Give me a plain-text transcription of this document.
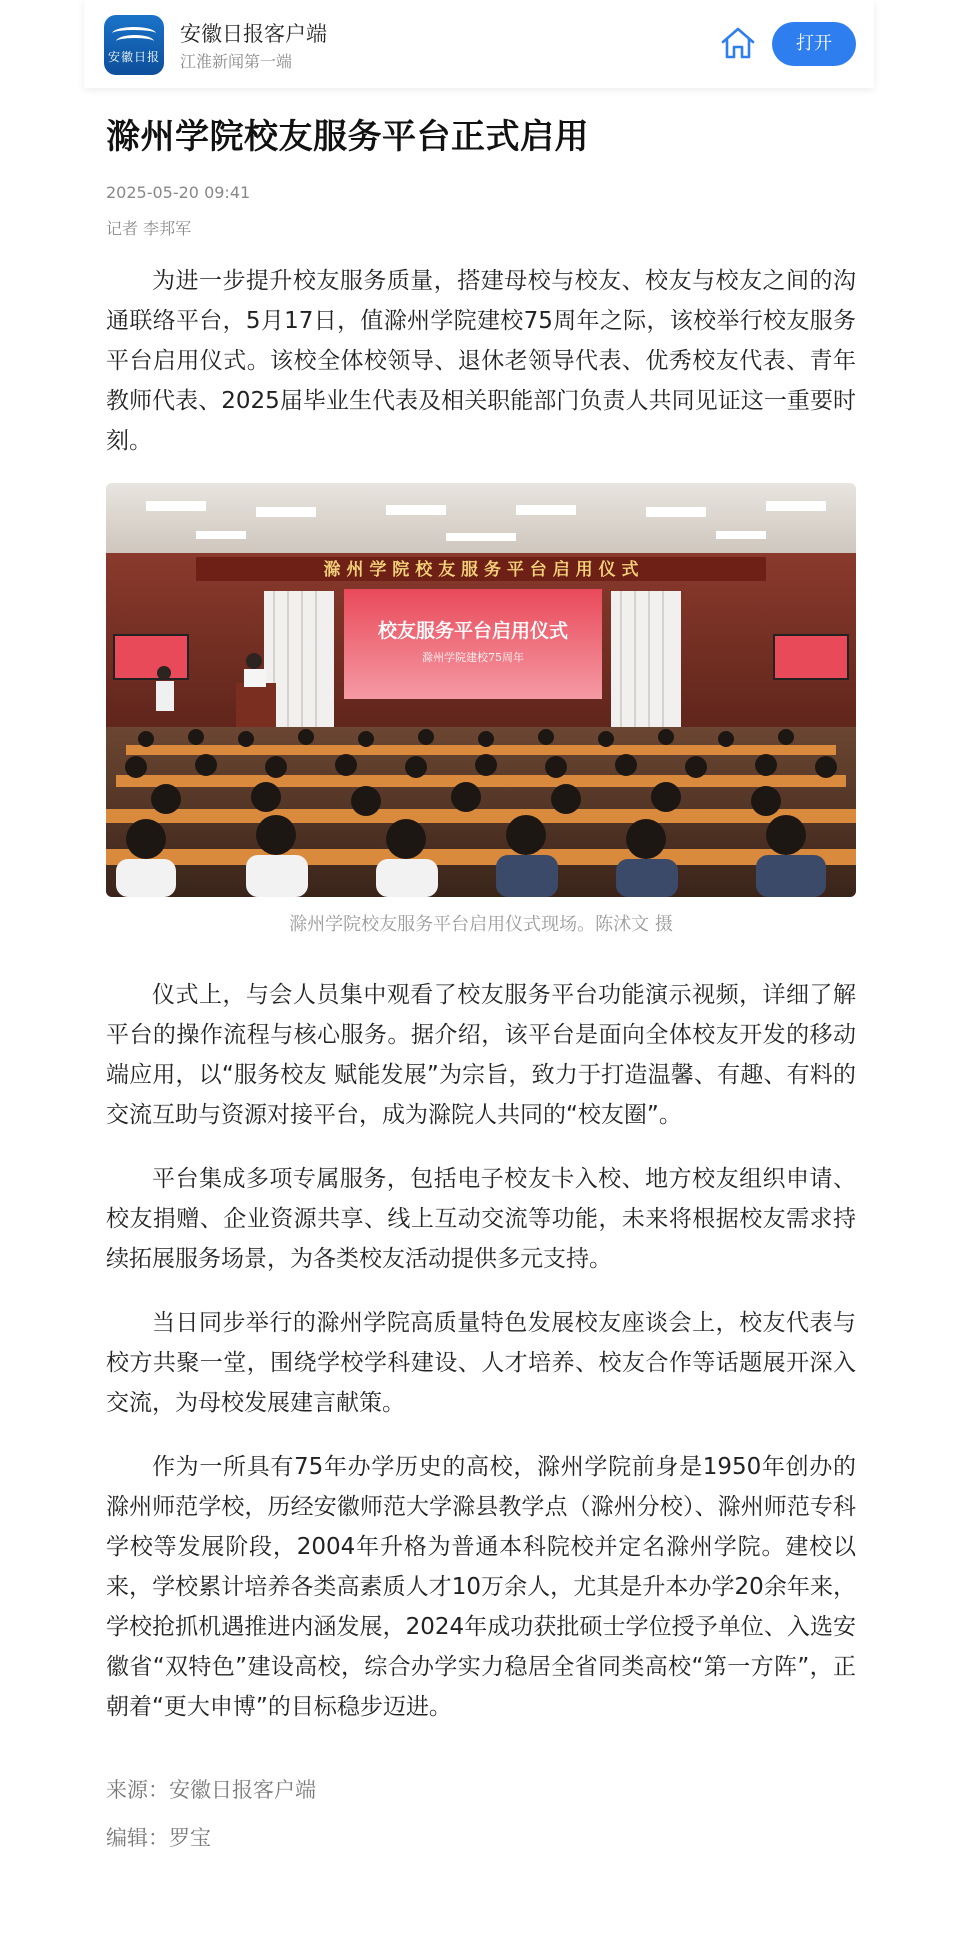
安徽日报
安徽日报客户端
江淮新闻第一端
打开
滁州学院校友服务平台正式启用
2025-05-20 09:41
记者 李邦军

为进一步提升校友服务质量，搭建母校与校友、校友与校友之间的沟通联络平台，5月17日，值滁州学院建校75周年之际，该校举行校友服务平台启用仪式。该校全体校领导、退休老领导代表、优秀校友代表、青年教师代表、2025届毕业生代表及相关职能部门负责人共同见证这一重要时刻。

滁 州 学 院 校 友 服 务 平 台 启 用 仪 式
校友服务平台启用仪式
滁州学院建校75周年
滁州学院校友服务平台启用仪式现场。陈沭文 摄

仪式上，与会人员集中观看了校友服务平台功能演示视频，详细了解平台的操作流程与核心服务。据介绍，该平台是面向全体校友开发的移动端应用，以“服务校友 赋能发展”为宗旨，致力于打造温馨、有趣、有料的交流互助与资源对接平台，成为滁院人共同的“校友圈”。

平台集成多项专属服务，包括电子校友卡入校、地方校友组织申请、校友捐赠、企业资源共享、线上互动交流等功能，未来将根据校友需求持续拓展服务场景，为各类校友活动提供多元支持。

当日同步举行的滁州学院高质量特色发展校友座谈会上，校友代表与校方共聚一堂，围绕学校学科建设、人才培养、校友合作等话题展开深入交流，为母校发展建言献策。

作为一所具有75年办学历史的高校，滁州学院前身是1950年创办的滁州师范学校，历经安徽师范大学滁县教学点（滁州分校）、滁州师范专科学校等发展阶段，2004年升格为普通本科院校并定名滁州学院。建校以来，学校累计培养各类高素质人才10万余人，尤其是升本办学20余年来，学校抢抓机遇推进内涵发展，2024年成功获批硕士学位授予单位、入选安徽省“双特色”建设高校，综合办学实力稳居全省同类高校“第一方阵”，正朝着“更大申博”的目标稳步迈进。

来源：安徽日报客户端
编辑：罗宝
